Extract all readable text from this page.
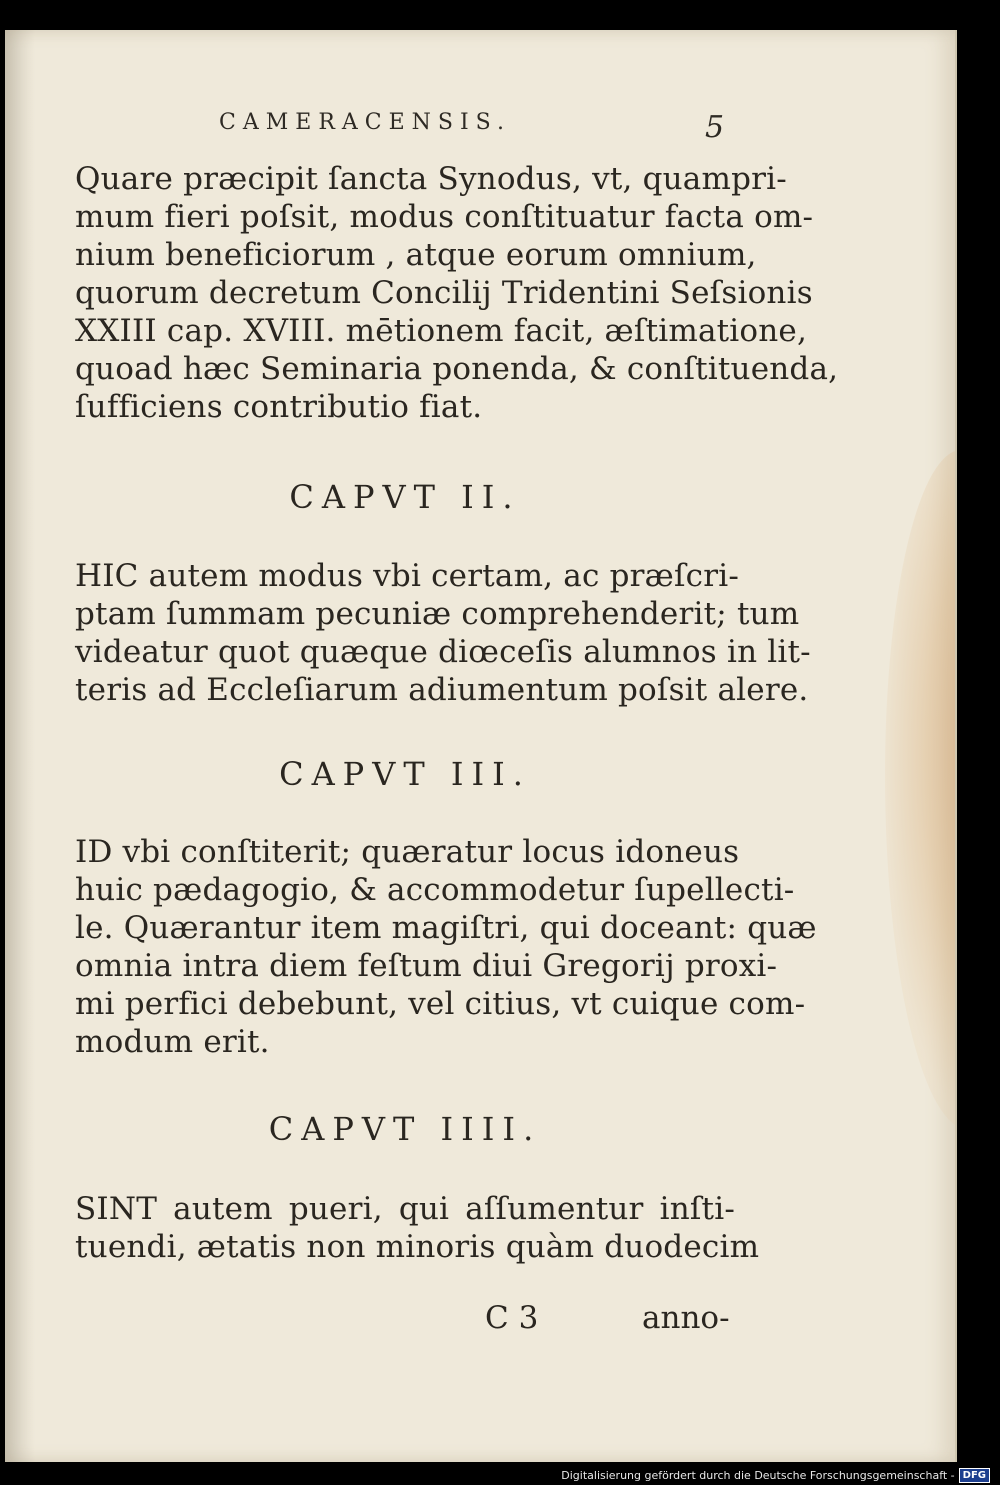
CAMERACENSIS.	5
Quare præcipit ſancta Synodus, vt, quampri-
mum fieri poſsit, modus conſtituatur facta om-
nium beneficiorum , atque eorum omnium,
quorum decretum Concilij Tridentini Seſsionis
XXIII cap. XVIII. mētionem facit, æſtimatione,
quoad hæc Seminaria ponenda, & conſtituenda,
ſufficiens contributio fiat.
CAPVT II.
HIC autem modus vbi certam, ac præſcri-
ptam ſummam pecuniæ comprehenderit; tum
videatur quot quæque diœceſis alumnos in lit-
teris ad Eccleſiarum adiumentum poſsit alere.
CAPVT III.
ID vbi conſtiterit; quæratur locus idoneus
huic pædagogio, & accommodetur ſupellecti-
le. Quærantur item magiſtri, qui doceant: quæ
omnia intra diem feſtum diui Gregorij proxi-
mi perfici debebunt, vel citius, vt cuique com-
modum erit.
CAPVT IIII.
SINT autem pueri, qui aſſumentur inſti-
tuendi, ætatis non minoris quàm duodecim
C 3	anno-
Digitalisierung gefördert durch die Deutsche Forschungsgemeinschaft - DFG
